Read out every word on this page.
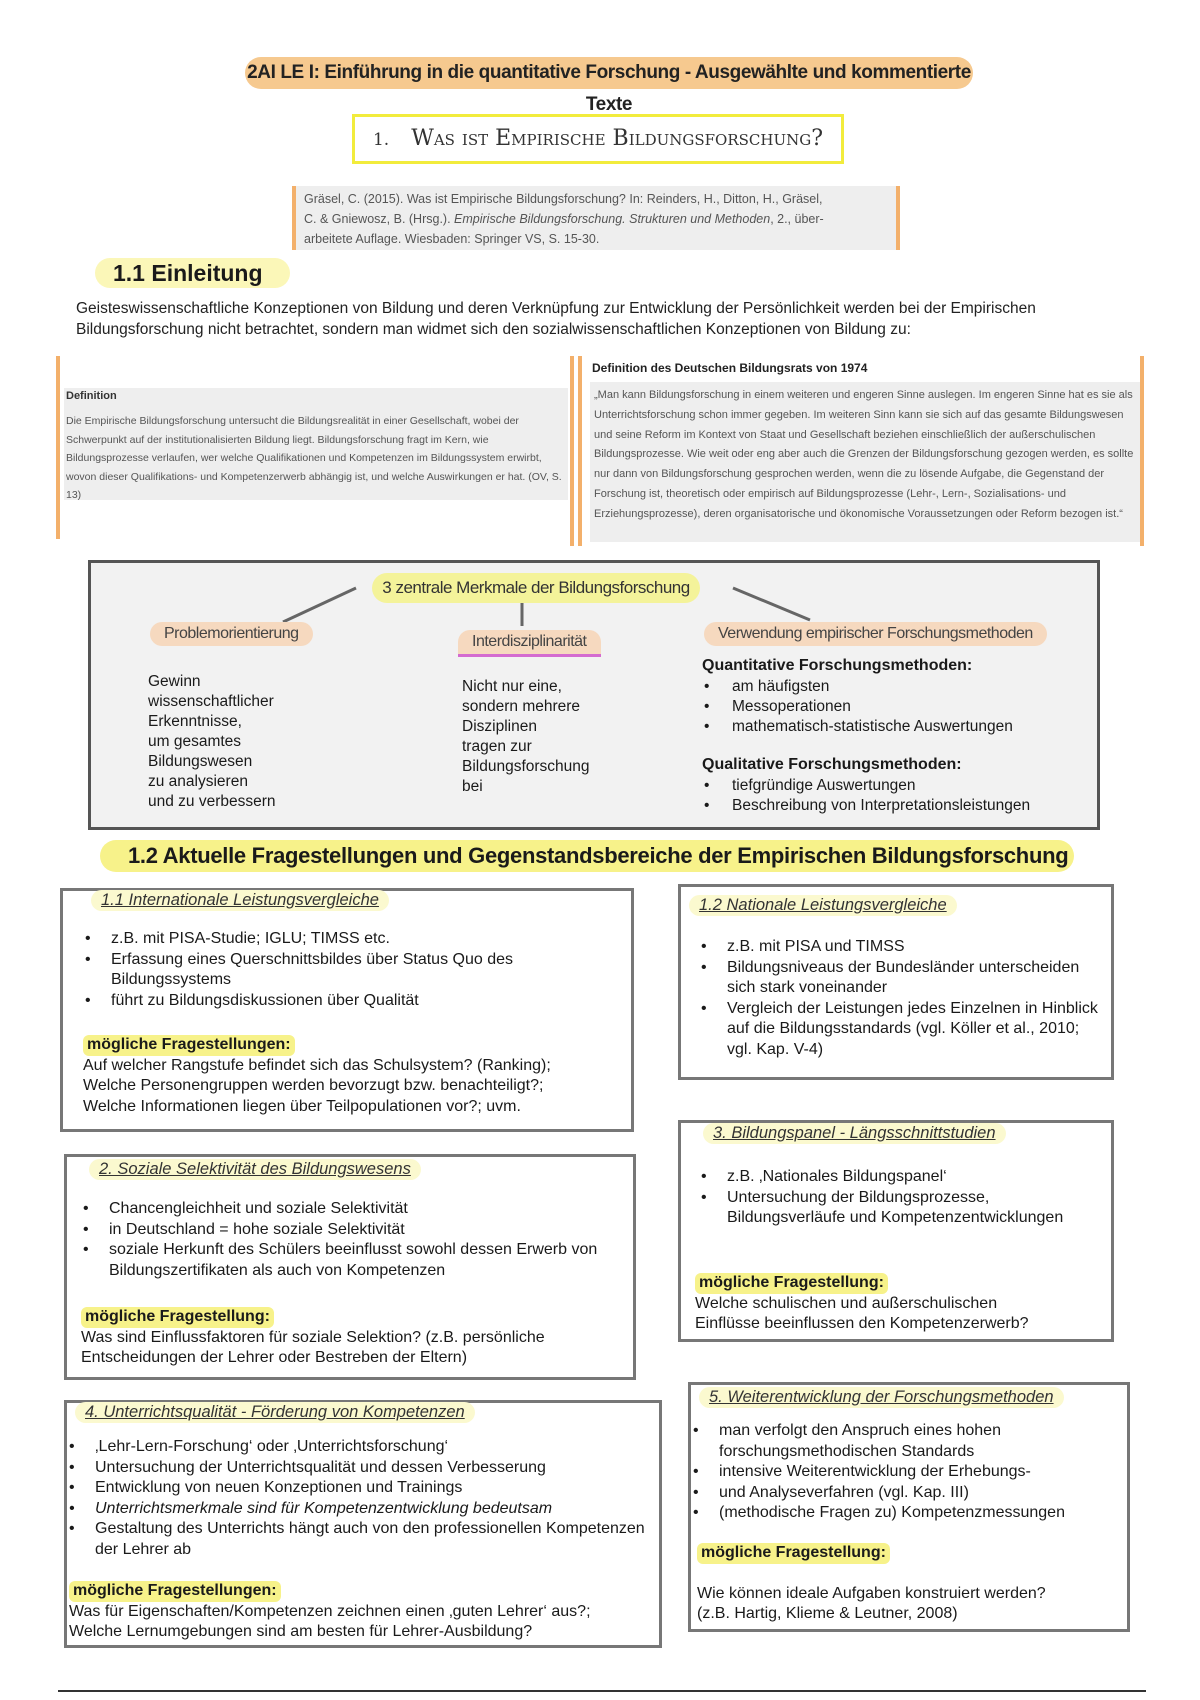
2AI LE I: Einführung in die quantitative Forschung - Ausgewählte und kommentierte Texte
1. Was ist Empirische Bildungsforschung?
Gräsel, C. (2015). Was ist Empirische Bildungsforschung? In: Reinders, H., Ditton, H., Gräsel,
C. & Gniewosz, B. (Hrsg.). Empirische Bildungsforschung. Strukturen und Methoden, 2., über-
arbeitete Auflage. Wiesbaden: Springer VS, S. 15-30.
1.1 Einleitung
Geisteswissenschaftliche Konzeptionen von Bildung und deren Verknüpfung zur Entwicklung der Persönlichkeit werden bei der Empirischen Bildungsforschung nicht betrachtet, sondern man widmet sich den sozialwissenschaftlichen Konzeptionen von Bildung zu:
Definition
Die Empirische Bildungsforschung untersucht die Bildungsrealität in einer Gesellschaft, wobei der Schwerpunkt auf der institutionalisierten Bildung liegt. Bildungsforschung fragt im Kern, wie Bildungsprozesse verlaufen, wer welche Qualifikationen und Kompetenzen im Bildungssystem erwirbt, wovon dieser Qualifikations- und Kompetenzerwerb abhängig ist, und welche Auswirkungen er hat. (OV, S. 13)
Definition des Deutschen Bildungsrats von 1974
„Man kann Bildungsforschung in einem weiteren und engeren Sinne auslegen. Im engeren Sinne hat es sie als Unterrichtsforschung schon immer gegeben. Im weiteren Sinn kann sie sich auf das gesamte Bildungswesen und seine Reform im Kontext von Staat und Gesellschaft beziehen einschließlich der außerschulischen Bildungsprozesse. Wie weit oder eng aber auch die Grenzen der Bildungsforschung gezogen werden, es sollte nur dann von Bildungsforschung gesprochen werden, wenn die zu lösende Aufgabe, die Gegenstand der Forschung ist, theoretisch oder empirisch auf Bildungsprozesse (Lehr-, Lern-, Sozialisations- und Erziehungsprozesse), deren organisatorische und ökonomische Voraussetzungen oder Reform bezogen ist.“
3 zentrale Merkmale der Bildungsforschung
Problemorientierung	Interdisziplinarität	Verwendung empirischer Forschungsmethoden
Gewinn
wissenschaftlicher
Erkenntnisse,
um gesamtes
Bildungswesen
zu analysieren
und zu verbessern
Nicht nur eine,
sondern mehrere
Disziplinen
tragen zur
Bildungsforschung
bei
Quantitative Forschungsmethoden:
• am häufigsten
• Messoperationen
• mathematisch-statistische Auswertungen
Qualitative Forschungsmethoden:
• tiefgründige Auswertungen
• Beschreibung von Interpretationsleistungen
1.2 Aktuelle Fragestellungen und Gegenstandsbereiche der Empirischen Bildungsforschung
1.1 Internationale Leistungsvergleiche
• z.B. mit PISA-Studie; IGLU; TIMSS etc.
• Erfassung eines Querschnittsbildes über Status Quo des Bildungssystems
• führt zu Bildungsdiskussionen über Qualität
mögliche Fragestellungen:
Auf welcher Rangstufe befindet sich das Schulsystem? (Ranking);
Welche Personengruppen werden bevorzugt bzw. benachteiligt?;
Welche Informationen liegen über Teilpopulationen vor?; uvm.
1.2 Nationale Leistungsvergleiche
• z.B. mit PISA und TIMSS
• Bildungsniveaus der Bundesländer unterscheiden sich stark voneinander
• Vergleich der Leistungen jedes Einzelnen in Hinblick auf die Bildungsstandards (vgl. Köller et al., 2010; vgl. Kap. V-4)
2. Soziale Selektivität des Bildungswesens
• Chancengleichheit und soziale Selektivität
• in Deutschland = hohe soziale Selektivität
• soziale Herkunft des Schülers beeinflusst sowohl dessen Erwerb von Bildungszertifikaten als auch von Kompetenzen
mögliche Fragestellung:
Was sind Einflussfaktoren für soziale Selektion? (z.B. persönliche
Entscheidungen der Lehrer oder Bestreben der Eltern)
3. Bildungspanel - Längsschnittstudien
• z.B. ‚Nationales Bildungspanel‘
• Untersuchung der Bildungsprozesse, Bildungsverläufe und Kompetenzentwicklungen
mögliche Fragestellung:
Welche schulischen und außerschulischen
Einflüsse beeinflussen den Kompetenzerwerb?
4. Unterrichtsqualität - Förderung von Kompetenzen
• ‚Lehr-Lern-Forschung‘ oder ‚Unterrichtsforschung‘
• Untersuchung der Unterrichtsqualität und dessen Verbesserung
• Entwicklung von neuen Konzeptionen und Trainings
• Unterrichtsmerkmale sind für Kompetenzentwicklung bedeutsam
• Gestaltung des Unterrichts hängt auch von den professionellen Kompetenzen der Lehrer ab
mögliche Fragestellungen:
Was für Eigenschaften/Kompetenzen zeichnen einen ‚guten Lehrer‘ aus?;
Welche Lernumgebungen sind am besten für Lehrer-Ausbildung?
5. Weiterentwicklung der Forschungsmethoden
• man verfolgt den Anspruch eines hohen forschungsmethodischen Standards
• intensive Weiterentwicklung der Erhebungs-
• und Analyseverfahren (vgl. Kap. III)
• (methodische Fragen zu) Kompetenzmessungen
mögliche Fragestellung:
Wie können ideale Aufgaben konstruiert werden?
(z.B. Hartig, Klieme & Leutner, 2008)
